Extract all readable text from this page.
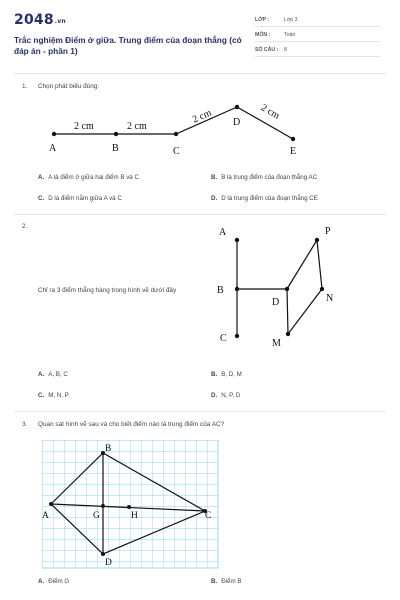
2048.vn
Trắc nghiệm Điểm ở giữa. Trung điểm của đoạn thẳng (có đáp án - phần 1)
LỚP :	Lớp 3
MÔN :	Toán
SỐ CÂU : 8
1. Chọn phát biểu đúng:
A	B	C
D
E
2 cm	2 cm
2 cm	2 cm
A. A là điểm ở giữa hai điểm B và C	B. B là trung điểm của đoạn thẳng AC
C. D là điểm nằm giữa A và C	D. D là trung điểm của đoạn thẳng CE
2.
Chỉ ra 3 điểm thẳng hàng trong hình vẽ dưới đây
A	P
B
D	N
C	M
A. A, B, C	B. B, D, M
C. M, N, P	D. N, P, D
3. Quan sát hình vẽ sau và cho biết điểm nào là trung điểm của AC?
B
A	G	H	C
D
A. Điểm G	B. Điểm B
